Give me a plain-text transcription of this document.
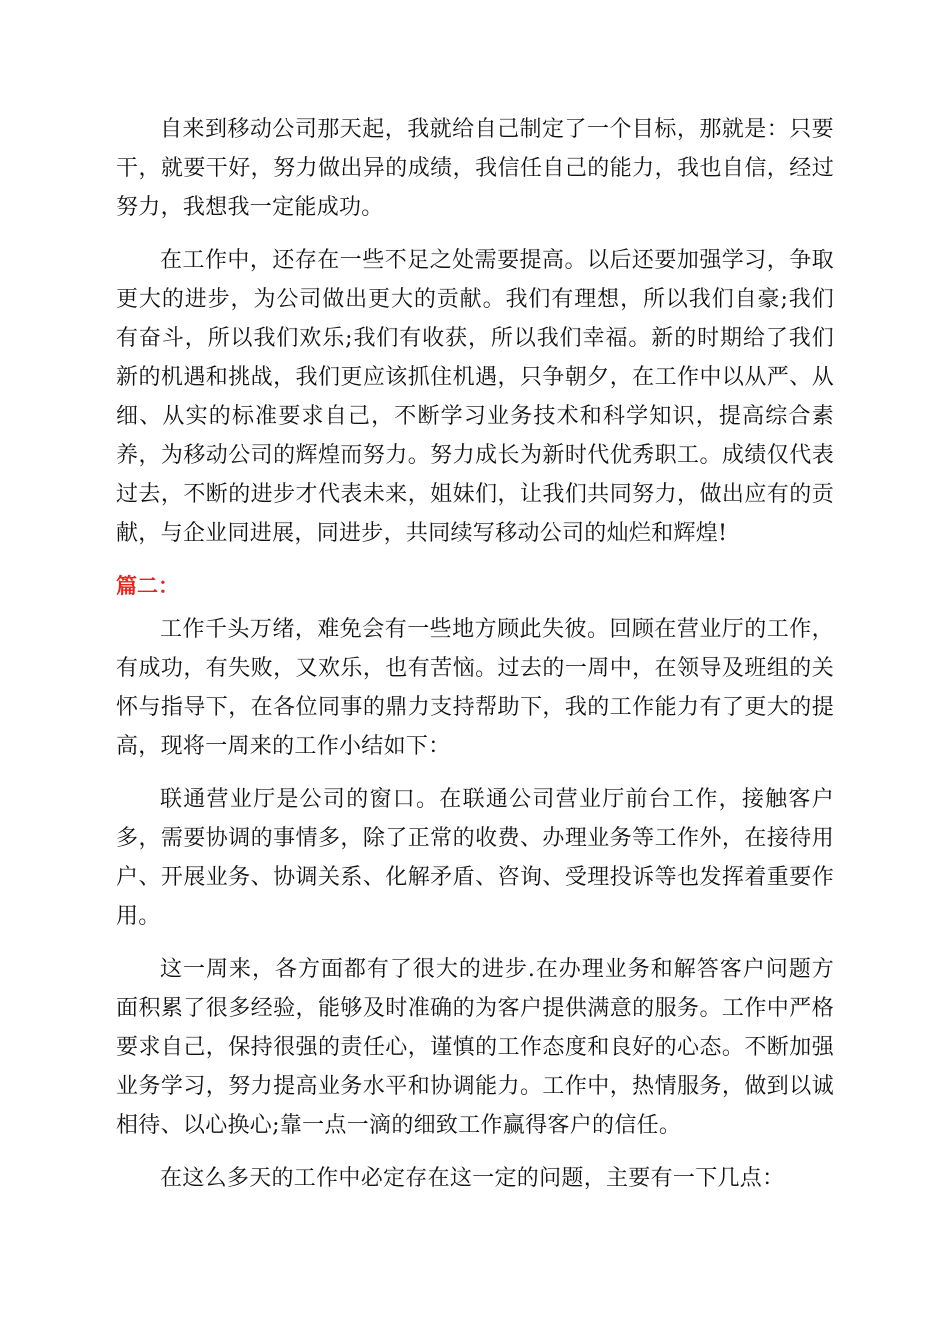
自来到移动公司那天起，我就给自己制定了一个目标，那就是：只要干，就要干好，努力做出异的成绩，我信任自己的能力，我也自信，经过努力，我想我一定能成功。

在工作中，还存在一些不足之处需要提高。以后还要加强学习，争取更大的进步，为公司做出更大的贡献。我们有理想，所以我们自豪;我们有奋斗，所以我们欢乐;我们有收获，所以我们幸福。新的时期给了我们新的机遇和挑战，我们更应该抓住机遇，只争朝夕，在工作中以从严、从细、从实的标准要求自己，不断学习业务技术和科学知识，提高综合素养，为移动公司的辉煌而努力。努力成长为新时代优秀职工。成绩仅代表过去，不断的进步才代表未来，姐妹们，让我们共同努力，做出应有的贡献，与企业同进展，同进步，共同续写移动公司的灿烂和辉煌!

篇二：

工作千头万绪，难免会有一些地方顾此失彼。回顾在营业厅的工作，有成功，有失败，又欢乐，也有苦恼。过去的一周中，在领导及班组的关怀与指导下，在各位同事的鼎力支持帮助下，我的工作能力有了更大的提高，现将一周来的工作小结如下：

联通营业厅是公司的窗口。在联通公司营业厅前台工作，接触客户多，需要协调的事情多，除了正常的收费、办理业务等工作外，在接待用户、开展业务、协调关系、化解矛盾、咨询、受理投诉等也发挥着重要作用。

这一周来，各方面都有了很大的进步.在办理业务和解答客户问题方面积累了很多经验，能够及时准确的为客户提供满意的服务。工作中严格要求自己，保持很强的责任心，谨慎的工作态度和良好的心态。不断加强业务学习，努力提高业务水平和协调能力。工作中，热情服务，做到以诚相待、以心换心;靠一点一滴的细致工作赢得客户的信任。

在这么多天的工作中必定存在这一定的问题，主要有一下几点：
